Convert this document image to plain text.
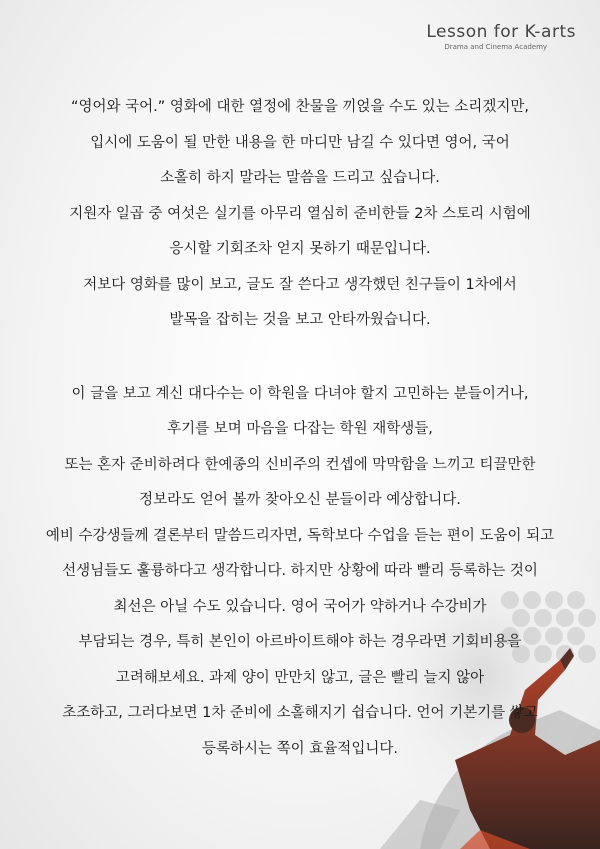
Lesson for K-arts
Drama and Cinema Academy
“영어와 국어.” 영화에 대한 열정에 찬물을 끼얹을 수도 있는 소리겠지만,
입시에 도움이 될 만한 내용을 한 마디만 남길 수 있다면 영어, 국어
소홀히 하지 말라는 말씀을 드리고 싶습니다.
지원자 일곱 중 여섯은 실기를 아무리 열심히 준비한들 2차 스토리 시험에
응시할 기회조차 얻지 못하기 때문입니다.
저보다 영화를 많이 보고, 글도 잘 쓴다고 생각했던 친구들이 1차에서
발목을 잡히는 것을 보고 안타까웠습니다.
이 글을 보고 계신 대다수는 이 학원을 다녀야 할지 고민하는 분들이거나,
후기를 보며 마음을 다잡는 학원 재학생들,
또는 혼자 준비하려다 한예종의 신비주의 컨셉에 막막함을 느끼고 티끌만한
정보라도 얻어 볼까 찾아오신 분들이라 예상합니다.
예비 수강생들께 결론부터 말씀드리자면, 독학보다 수업을 듣는 편이 도움이 되고
선생님들도 훌륭하다고 생각합니다. 하지만 상황에 따라 빨리 등록하는 것이
최선은 아닐 수도 있습니다. 영어 국어가 약하거나 수강비가
부담되는 경우, 특히 본인이 아르바이트해야 하는 경우라면 기회비용을
고려해보세요. 과제 양이 만만치 않고, 글은 빨리 늘지 않아
초조하고, 그러다보면 1차 준비에 소홀해지기 쉽습니다. 언어 기본기를 쌓고
등록하시는 쪽이 효율적입니다.
